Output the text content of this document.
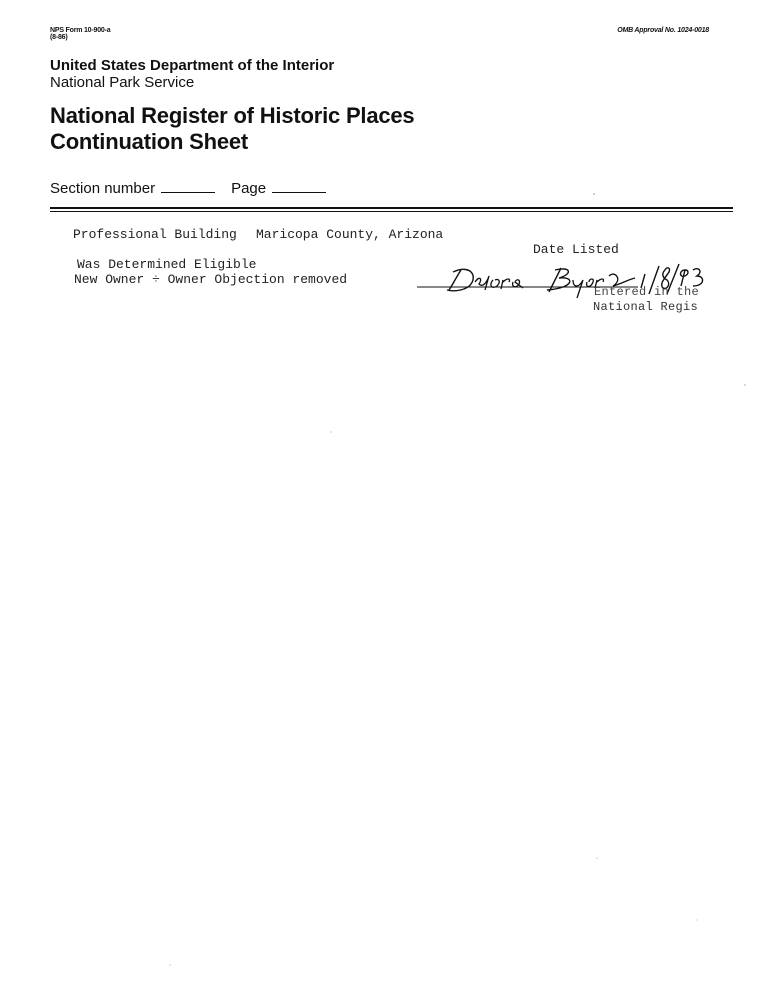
NPS Form 10-900-a
(8-86)
OMB Approval No. 1024-0018
United States Department of the Interior
National Park Service
National Register of Historic Places
Continuation Sheet
Section number	Page
Professional Building Maricopa County, Arizona
Date Listed
Was Determined Eligible
New Owner ÷ Owner Objection removed
Entered in the
National Regis
